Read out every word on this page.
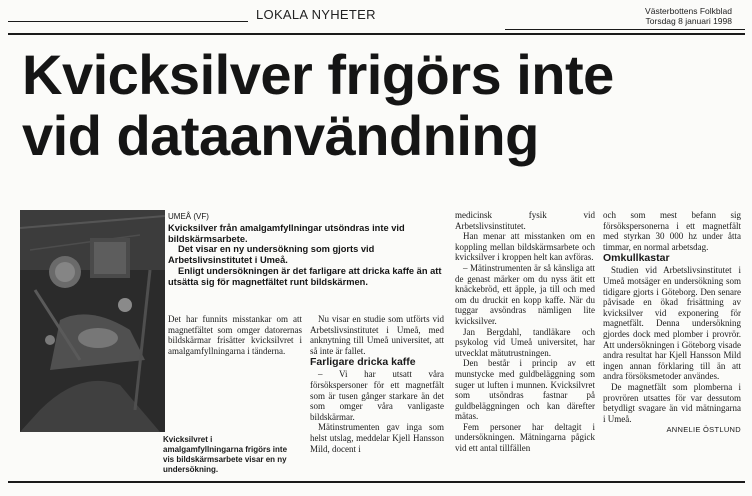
LOKALA NYHETER	Västerbottens Folkblad
Torsdag 8 januari 1998
Kvicksilver frigörs inte
vid dataanvändning
Kvicksilvret i amalgamfyllningarna frigörs inte vis bildskärmsarbete visar en ny undersökning.
UMEÅ (VF)

Kvicksilver från amalgamfyllningar utsöndras inte vid bildskärmsarbete.

Det visar en ny undersökning som gjorts vid Arbetslivsinstitutet i Umeå.

Enligt undersökningen är det farligare att dricka kaffe än att utsätta sig för magnetfältet runt bildskärmen.

Det har funnits misstankar om att magnetfältet som omger datorernas bildskärmar frisätter kvicksilvret i amalgamfyllningarna i tänderna.

Nu visar en studie som utförts vid Arbetslivsinstitutet i Umeå, med anknytning till Umeå universitet, att så inte är fallet.

Farligare dricka kaffe

– Vi har utsatt våra försökspersoner för ett magnetfält som är tusen gånger starkare än det som omger våra vanligaste bildskärmar.

Mätinstrumenten gav inga som helst utslag, meddelar Kjell Hansson Mild, docent i

medicinsk fysik vid Arbetslivsinstitutet.

Han menar att misstanken om en koppling mellan bildskärmsarbete och kvicksilver i kroppen helt kan avföras.

– Mätinstrumenten är så känsliga att de genast märker om du nyss ätit ett knäckebröd, ett äpple, ja till och med om du druckit en kopp kaffe. När du tuggar avsöndras nämligen lite kvicksilver.

Jan Bergdahl, tandläkare och psykolog vid Umeå universitet, har utvecklat mätutrustningen.

Den består i princip av ett munstycke med guldbeläggning som suger ut luften i munnen. Kvicksilvret som utsöndras fastnar på guldbeläggningen och kan därefter mätas.

Fem personer har deltagit i undersökningen. Mätningarna pågick vid ett antal tillfällen

och som mest befann sig försökspersonerna i ett magnetfält med styrkan 30 000 hz under åtta timmar, en normal arbetsdag.

Omkullkastar

Studien vid Arbetslivsinstitutet i Umeå motsäger en undersökning som tidigare gjorts i Göteborg. Den senare påvisade en ökad frisättning av kvicksilver vid exponering för magnetfält. Denna undersökning gjordes dock med plomber i provrör. Att undersökningen i Göteborg visade andra resultat har Kjell Hansson Mild ingen annan förklaring till än att andra försöksmetoder användes.

De magnetfält som plomberna i provrören utsattes för var dessutom betydligt svagare än vid mätningarna i Umeå.

ANNELIE ÖSTLUND
